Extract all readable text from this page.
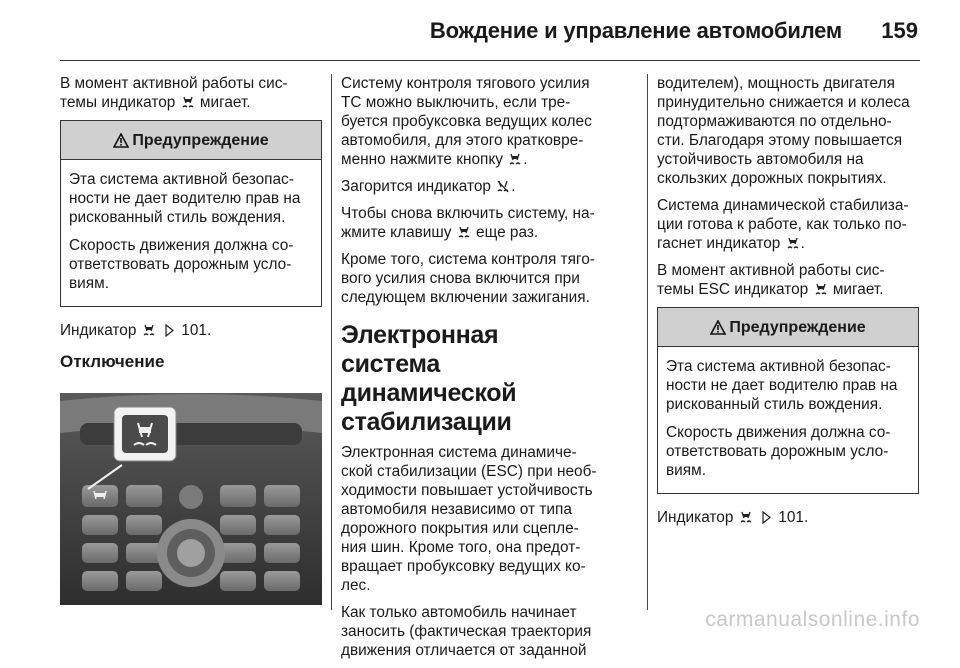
Вождение и управление автомобилем 159

В момент активной работы сис-
темы индикатор мигает.

Предупреждение

Эта система активной безопас-
ности не дает водителю прав на
рискованный стиль вождения.

Скорость движения должна со-
ответствовать дорожным усло-
виям.

Индикатор	101.

Отключение

Систему контроля тягового усилия
ТС можно выключить, если тре-
буется пробуксовка ведущих колес
автомобиля, для этого кратковре-
менно нажмите кнопку .

Загорится индикатор .

Чтобы снова включить систему, на-
жмите клавишу еще раз.

Кроме того, система контроля тяго-
вого усилия снова включится при
следующем включении зажигания.

Электронная система
динамической
стабилизации

Электронная система динамиче-
ской стабилизации (ESC) при необ-
ходимости повышает устойчивость
автомобиля независимо от типа
дорожного покрытия или сцепле-
ния шин. Кроме того, она предот-
вращает пробуксовку ведущих ко-
лес.

Как только автомобиль начинает
заносить (фактическая траектория
движения отличается от заданной

водителем), мощность двигателя
принудительно снижается и колеса
подтормаживаются по отдельно-
сти. Благодаря этому повышается
устойчивость автомобиля на
скользких дорожных покрытиях.

Система динамической стабилиза-
ции готова к работе, как только по-
гаснет индикатор .

В момент активной работы сис-
темы ESC индикатор мигает.

Предупреждение

Эта система активной безопас-
ности не дает водителю прав на
рискованный стиль вождения.

Скорость движения должна со-
ответствовать дорожным усло-
виям.

Индикатор	101.

carmanualsonline.info
